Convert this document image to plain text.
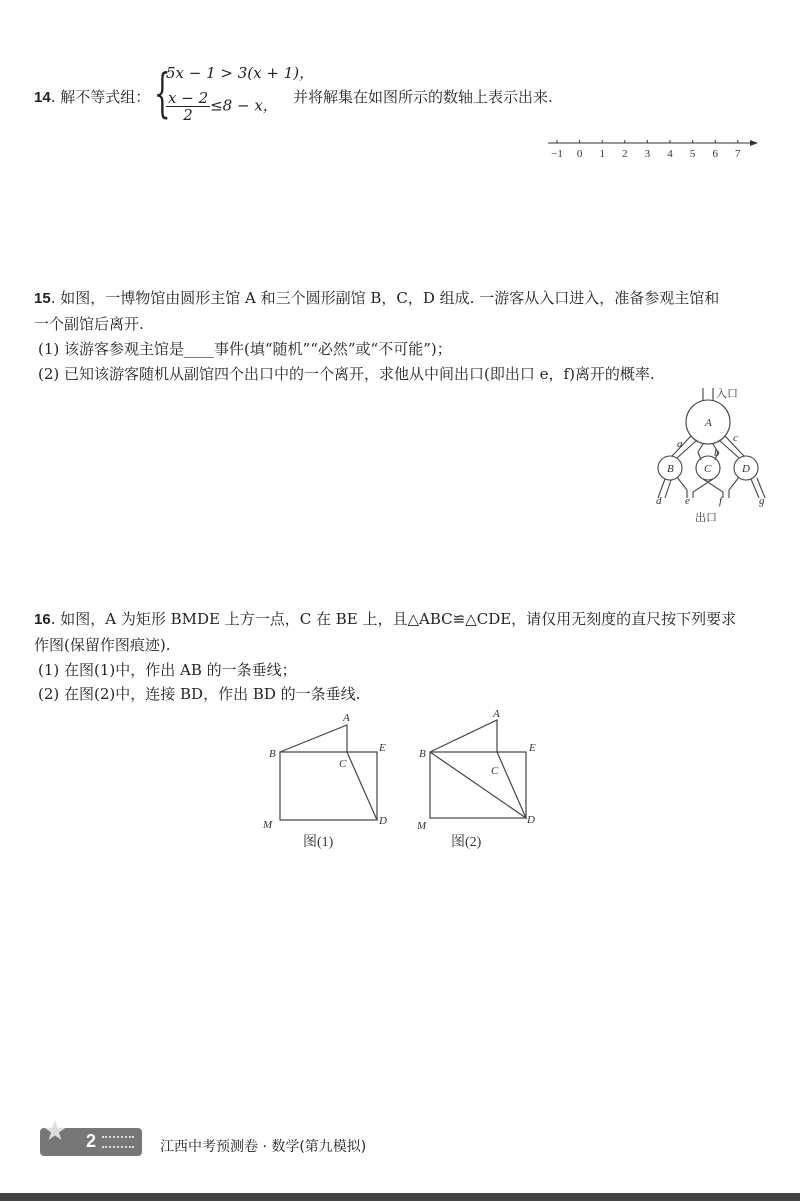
14. 解不等式组： {
5x − 1 > 3(x + 1)，
$\frac{x - 2}{2} \le 8 - x$， 并将解集在如图所示的数轴上表示出来.
−1 0 1 2 3 4 5 6 7
15. 如图，一博物馆由圆形主馆 A 和三个圆形副馆 B，C，D 组成. 一游客从入口进入，准备参观主馆和
一个副馆后离开.
(1) 该游客参观主馆是____事件(填“随机”“必然”或“不可能”)；
(2) 已知该游客随机从副馆四个出口中的一个离开，求他从中间出口(即出口 e，f)离开的概率.
A
B	C	D
a
b
c
d e	f	g
入口
出口
16. 如图，A 为矩形 BMDE 上方一点，C 在 BE 上，且△ABC≌△CDE，请仅用无刻度的直尺按下列要求
作图(保留作图痕迹).
(1) 在图(1)中，作出 AB 的一条垂线；
(2) 在图(2)中，连接 BD，作出 BD 的一条垂线.
A
B
C
D
E
M
图(1)
A
B
C
D
E
M
图(2)
2	江西中考预测卷 · 数学(第九模拟)
